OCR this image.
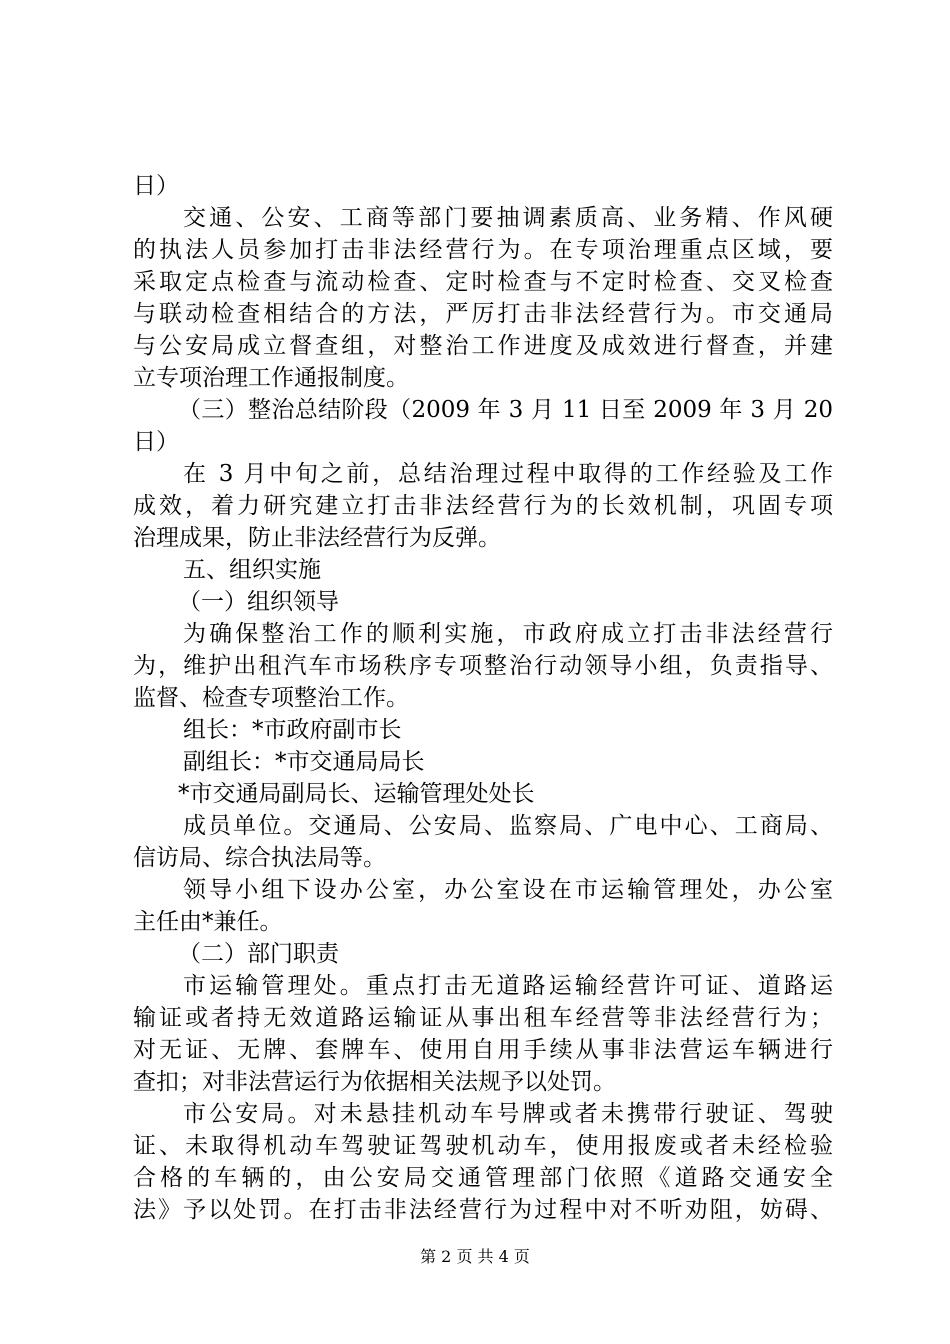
日）

交通、公安、工商等部门要抽调素质高、业务精、作风硬

的执法人员参加打击非法经营行为。在专项治理重点区域，要

采取定点检查与流动检查、定时检查与不定时检查、交叉检查

与联动检查相结合的方法，严厉打击非法经营行为。市交通局

与公安局成立督查组，对整治工作进度及成效进行督查，并建

立专项治理工作通报制度。

（三）整治总结阶段（2009 年 3 月 11 日至 2009 年 3 月 20

日）

在 3 月中旬之前，总结治理过程中取得的工作经验及工作

成效，着力研究建立打击非法经营行为的长效机制，巩固专项

治理成果，防止非法经营行为反弹。

五、组织实施

（一）组织领导

为确保整治工作的顺利实施，市政府成立打击非法经营行

为，维护出租汽车市场秩序专项整治行动领导小组，负责指导、

监督、检查专项整治工作。

组长：*市政府副市长

副组长：*市交通局局长

*市交通局副局长、运输管理处处长

成员单位。交通局、公安局、监察局、广电中心、工商局、

信访局、综合执法局等。

领导小组下设办公室，办公室设在市运输管理处，办公室

主任由*兼任。

（二）部门职责

市运输管理处。重点打击无道路运输经营许可证、道路运

输证或者持无效道路运输证从事出租车经营等非法经营行为；

对无证、无牌、套牌车、使用自用手续从事非法营运车辆进行

查扣；对非法营运行为依据相关法规予以处罚。

市公安局。对未悬挂机动车号牌或者未携带行驶证、驾驶

证、未取得机动车驾驶证驾驶机动车，使用报废或者未经检验

合格的车辆的，由公安局交通管理部门依照《道路交通安全

法》予以处罚。在打击非法经营行为过程中对不听劝阻，妨碍、

第 2 页 共 4 页
